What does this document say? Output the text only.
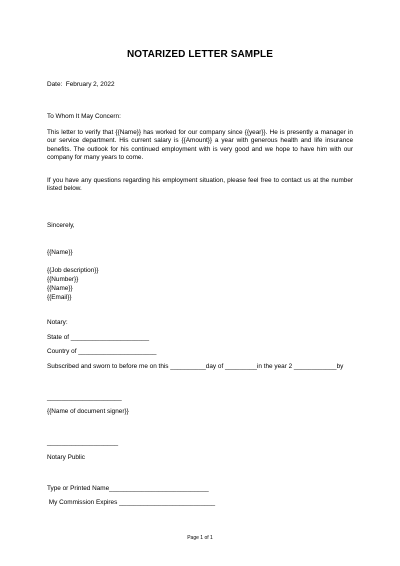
NOTARIZED LETTER SAMPLE
Date:  February 2, 2022
To Whom It May Concern:
This letter to verify that {{Name}} has worked for our company since {{year}}. He is presently a manager in our service department. His current salary is {{Amount}} a year with generous health and life insurance benefits. The outlook for his continued employment with is very good and we hope to have him with our company for many years to come.
If you have any questions regarding his employment situation, please feel free to contact us at the number listed below.
Sincerely,
{{Name}}
{{Job description}}
{{Number}}
{{Name}}
{{Email}}
Notary:
State of ______________________
Country of ______________________
Subscribed and sworn to before me on this __________day of _________in the year 2 ____________by
_____________________
{{Name of document signer}}
____________________
Notary Public
Type or Printed Name____________________________
My Commission Expires ___________________________
Page 1 of 1
